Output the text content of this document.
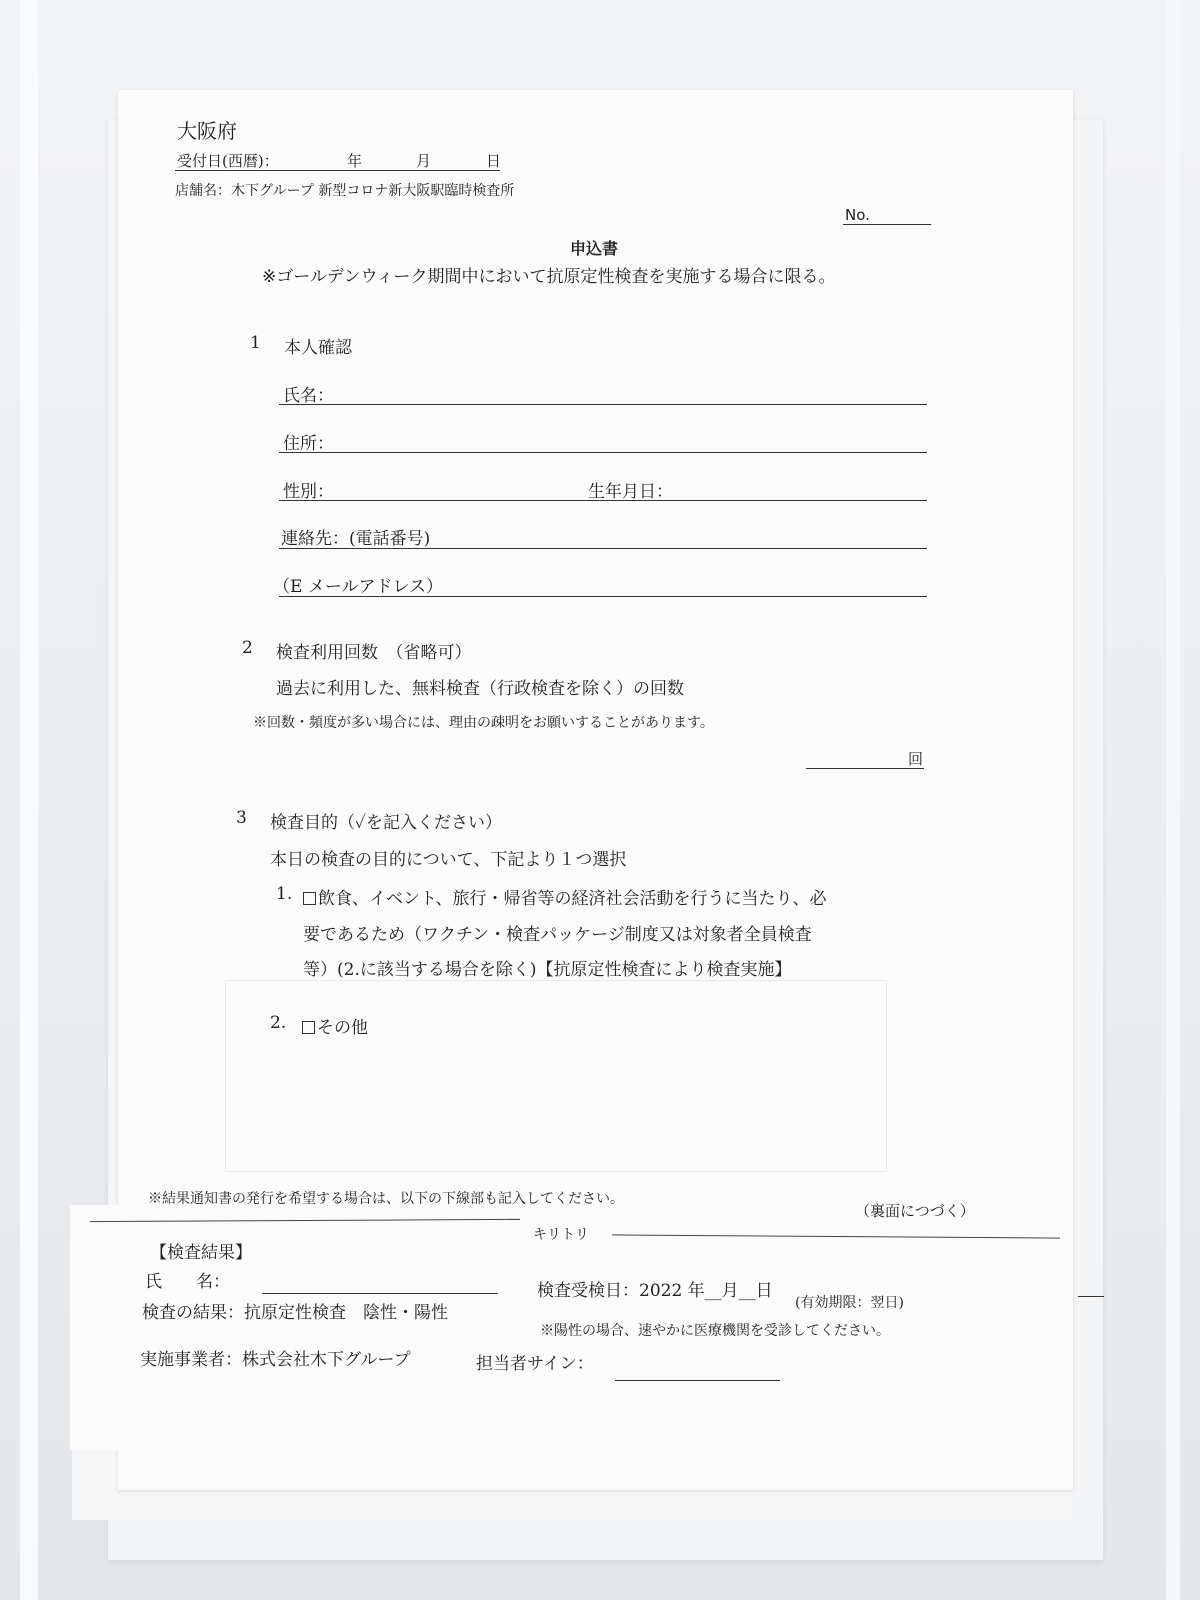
大阪府
受付日(西暦)：	年	月	日
店舗名：木下グループ 新型コロナ新大阪駅臨時検査所
No.
申込書
※ゴールデンウィーク期間中において抗原定性検査を実施する場合に限る。
1 本人確認
氏名：
住所：
性別：	生年月日：
連絡先：(電話番号)
（E メールアドレス）
2 検査利用回数　（省略可）
過去に利用した、無料検査（行政検査を除く）の回数
※回数・頻度が多い場合には、理由の疎明をお願いすることがあります。
回
3 検査目的（✓を記入ください）
本日の検査の目的について、下記より１つ選択
1.	飲食、イベント、旅行・帰省等の経済社会活動を行うに当たり、必
要であるため（ワクチン・検査パッケージ制度又は対象者全員検査
等）(2.に該当する場合を除く)【抗原定性検査により検査実施】
2.	その他
※結果通知書の発行を希望する場合は、以下の下線部も記入してください。
（裏面につづく）
キリトリ
【検査結果】
氏　　名：	検査受検日：2022 年__月__日
(有効期限：翌日)
検査の結果：抗原定性検査　陰性・陽性
※陽性の場合、速やかに医療機関を受診してください。
実施事業者：株式会社木下グループ	担当者サイン：
